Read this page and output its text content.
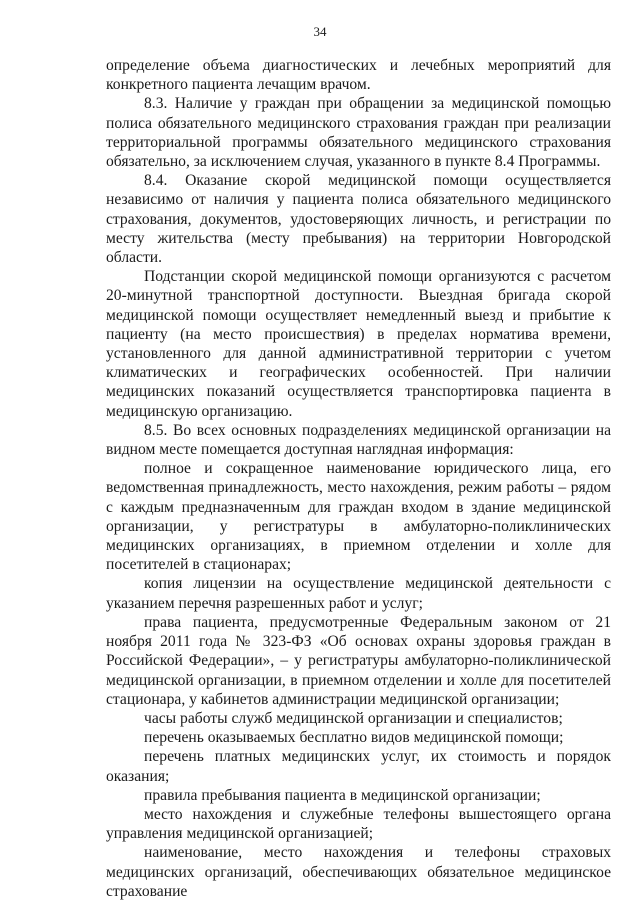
34

определение объема диагностических и лечебных мероприятий для конкретного пациента лечащим врачом.

8.3. Наличие у граждан при обращении за медицинской помощью полиса обязательного медицинского страхования граждан при реализации территориальной программы обязательного медицинского страхования обязательно, за исключением случая, указанного в пункте 8.4 Программы.

8.4. Оказание скорой медицинской помощи осуществляется независимо от наличия у пациента полиса обязательного медицинского страхования, документов, удостоверяющих личность, и регистрации по месту жительства (месту пребывания) на территории Новгородской области.

Подстанции скорой медицинской помощи организуются с расчетом 20-минутной транспортной доступности. Выездная бригада скорой медицинской помощи осуществляет немедленный выезд и прибытие к пациенту (на место происшествия) в пределах норматива времени, установленного для данной административной территории с учетом климатических и географических особенностей. При наличии медицинских показаний осуществляется транспортировка пациента в медицинскую организацию.

8.5. Во всех основных подразделениях медицинской организации на видном месте помещается доступная наглядная информация:

полное и сокращенное наименование юридического лица, его ведомственная принадлежность, место нахождения, режим работы – рядом с каждым предназначенным для граждан входом в здание медицинской организации, у регистратуры в амбулаторно-поликлинических медицинских организациях, в приемном отделении и холле для посетителей в стационарах;

копия лицензии на осуществление медицинской деятельности с указанием перечня разрешенных работ и услуг;

права пациента, предусмотренные Федеральным законом от 21 ноября 2011 года № 323-ФЗ «Об основах охраны здоровья граждан в Российской Федерации», – у регистратуры амбулаторно-поликлинической медицинской организации, в приемном отделении и холле для посетителей стационара, у кабинетов администрации медицинской организации;

часы работы служб медицинской организации и специалистов;

перечень оказываемых бесплатно видов медицинской помощи;

перечень платных медицинских услуг, их стоимость и порядок оказания;

правила пребывания пациента в медицинской организации;

место нахождения и служебные телефоны вышестоящего органа управления медицинской организацией;

наименование, место нахождения и телефоны страховых медицинских организаций, обеспечивающих обязательное медицинское страхование
